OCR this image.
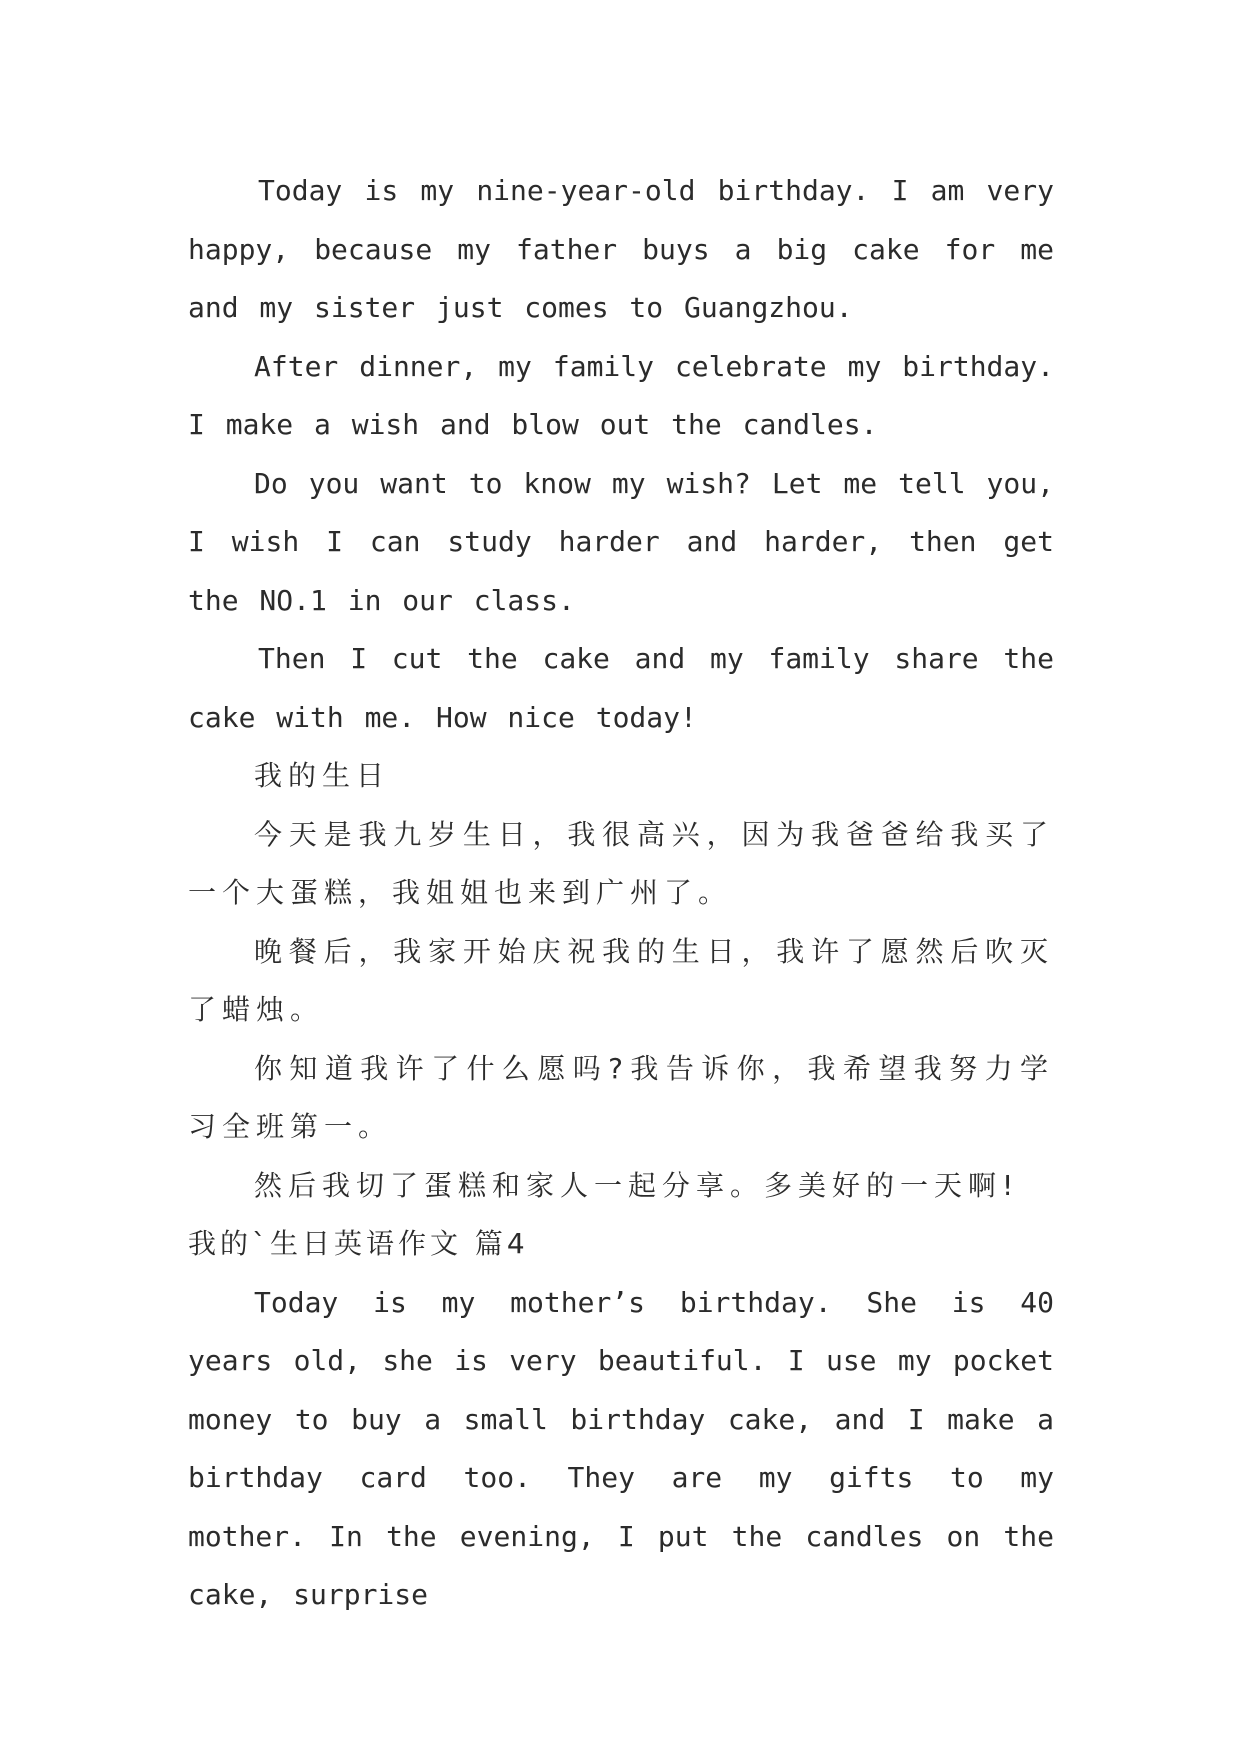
Today is my nine-year-old birthday. I am very happy, because my father buys a big cake for me and my sister just comes to Guangzhou.

After dinner, my family celebrate my birthday. I make a wish and blow out the candles.

Do you want to know my wish? Let me tell you, I wish I can study harder and harder, then get the NO.1 in our class.

Then I cut the cake and my family share the cake with me. How nice today!

我的生日

今天是我九岁生日，我很高兴，因为我爸爸给我买了一个大蛋糕，我姐姐也来到广州了。

晚餐后，我家开始庆祝我的生日，我许了愿然后吹灭了蜡烛。

你知道我许了什么愿吗?我告诉你，我希望我努力学习全班第一。

然后我切了蛋糕和家人一起分享。多美好的一天啊!

我的`生日英语作文 篇4

Today is my mother’s birthday. She is 40 years old, she is very beautiful. I use my pocket money to buy a small birthday cake, and I make a birthday card too. They are my gifts to my mother. In the evening, I put the candles on the cake, surprise
